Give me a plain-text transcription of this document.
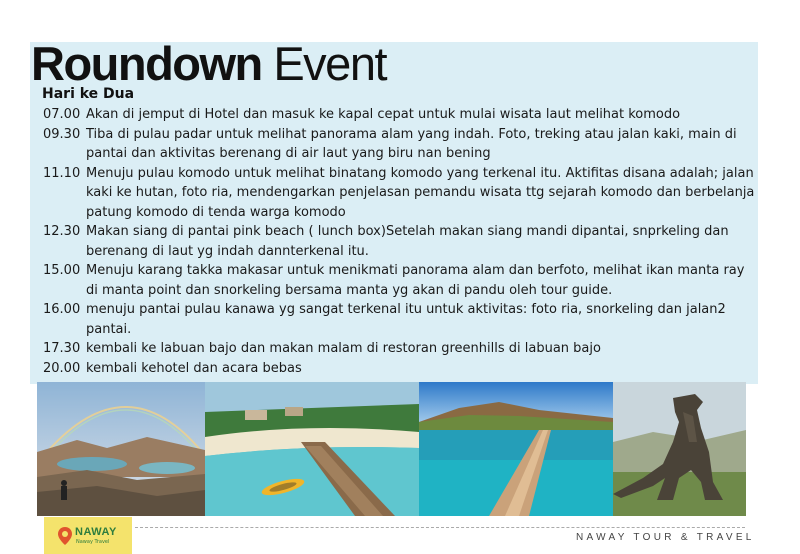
Roundown Event
Hari ke Dua
07.00 Akan di jemput di Hotel dan masuk ke kapal cepat untuk mulai wisata laut melihat komodo
09.30 Tiba di pulau padar untuk melihat panorama alam yang indah. Foto, treking atau jalan kaki, main di pantai dan aktivitas berenang di air laut yang biru nan bening
11.10 Menuju pulau komodo untuk melihat binatang komodo yang terkenal itu. Aktifitas disana adalah; jalan kaki ke hutan, foto ria, mendengarkan penjelasan pemandu wisata ttg sejarah komodo dan berbelanja patung komodo di tenda warga komodo
12.30 Makan siang di pantai pink beach ( lunch box)Setelah makan siang mandi dipantai, snprkeling dan berenang di laut yg indah dannterkenal itu.
15.00 Menuju karang takka makasar untuk menikmati panorama alam dan berfoto, melihat ikan manta ray di manta point dan snorkeling bersama manta yg akan di pandu oleh tour guide.
16.00 menuju pantai pulau kanawa yg sangat terkenal itu untuk aktivitas: foto ria, snorkeling dan jalan2 pantai.
17.30 kembali ke labuan bajo dan makan malam di restoran greenhills di labuan bajo
20.00 kembali kehotel dan acara bebas
NAWAY
Naway Travel	NAWAY TOUR & TRAVEL
